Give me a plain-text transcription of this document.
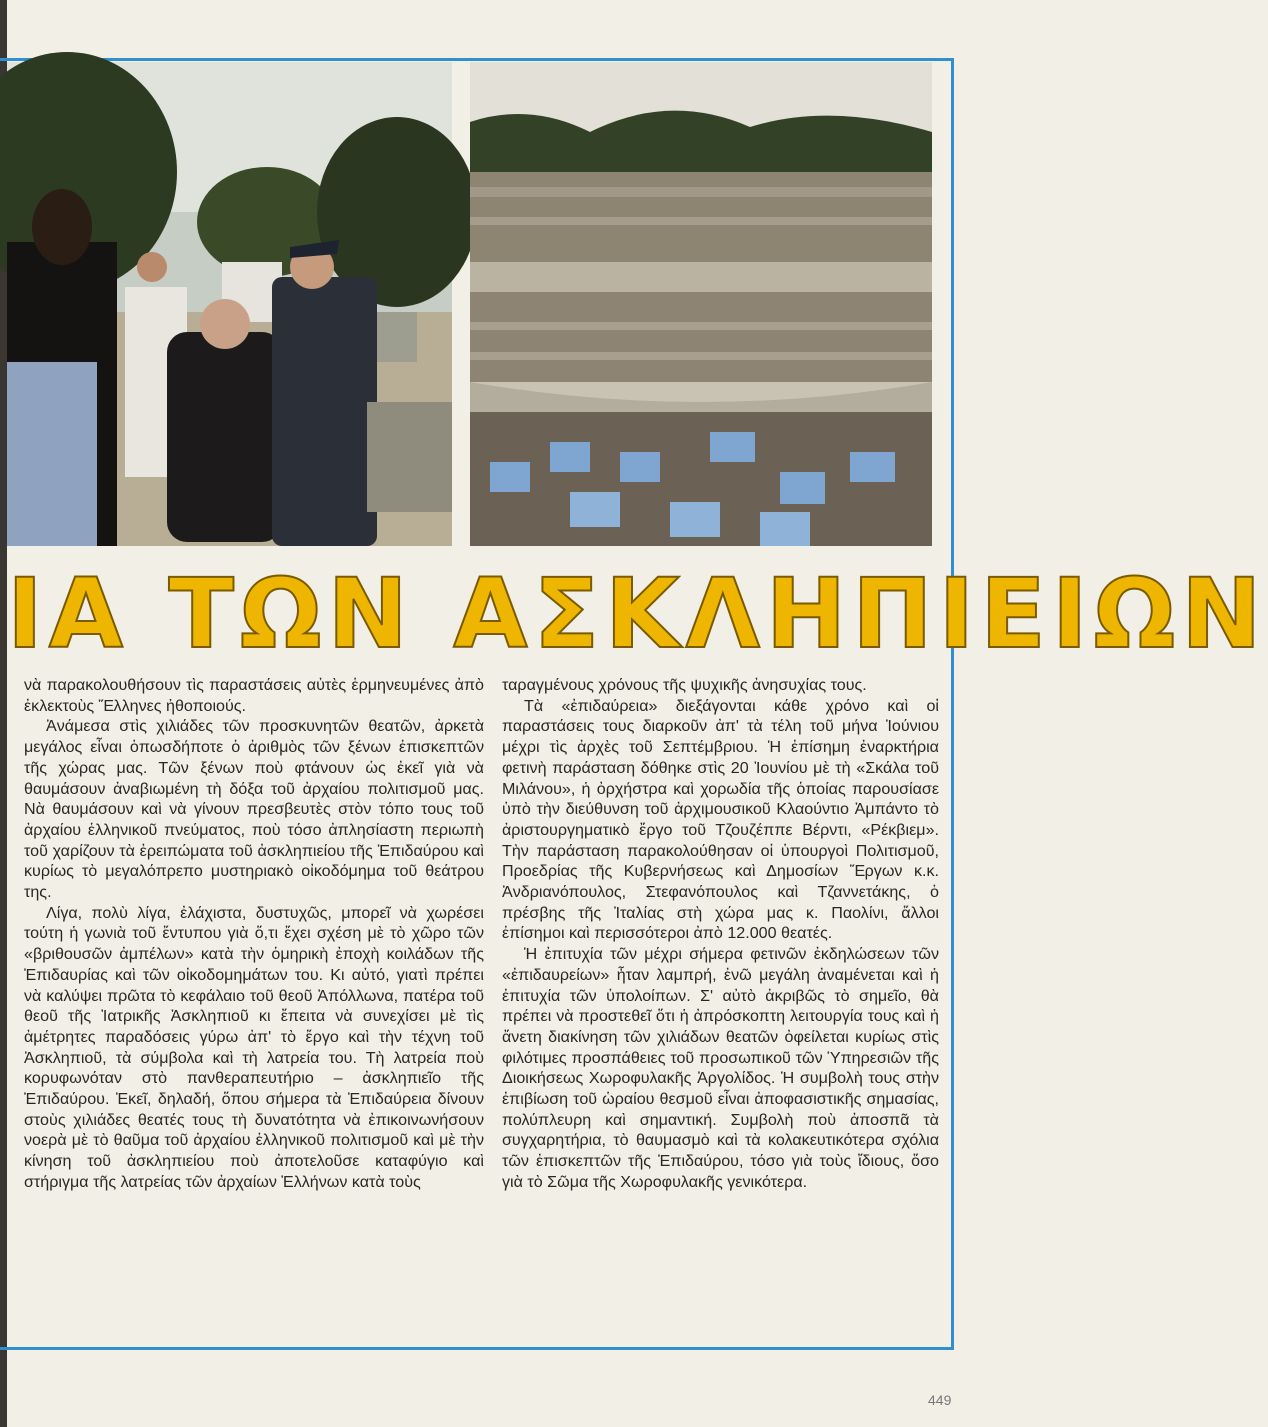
ΙΑ ΤΩΝ ΑΣΚΛΗΠΙΕΙΩΝ

νὰ παρακολουθήσουν τὶς παραστάσεις αὐτὲς ἑρμηνευμένες ἀπὸ ἐκλεκτοὺς Ἕλληνες ἠθοποιούς.

Ἀνάμεσα στὶς χιλιάδες τῶν προσκυνητῶν θεατῶν, ἀρκετὰ μεγάλος εἶναι ὁπωσδήποτε ὁ ἀριθμὸς τῶν ξένων ἐπισκεπτῶν τῆς χώρας μας. Τῶν ξένων ποὺ φτάνουν ὡς ἐκεῖ γιὰ νὰ θαυμάσουν ἀναβιωμένη τὴ δόξα τοῦ ἀρχαίου πολιτισμοῦ μας. Νὰ θαυμάσουν καὶ νὰ γίνουν πρεσβευτὲς στὸν τόπο τους τοῦ ἀρχαίου ἑλληνικοῦ πνεύματος, ποὺ τόσο ἀπλησίαστη περιωπὴ τοῦ χαρίζουν τὰ ἐρειπώματα τοῦ ἀσκληπιείου τῆς Ἐπιδαύρου καὶ κυρίως τὸ μεγαλόπρεπο μυστηριακὸ οἰκοδόμημα τοῦ θεάτρου της.

Λίγα, πολὺ λίγα, ἐλάχιστα, δυστυχῶς, μπορεῖ νὰ χωρέσει τούτη ἡ γωνιὰ τοῦ ἔντυπου γιὰ ὅ,τι ἔχει σχέση μὲ τὸ χῶρο τῶν «βριθουσῶν ἀμπέλων» κατὰ τὴν ὁμηρικὴ ἐποχὴ κοιλάδων τῆς Ἐπιδαυρίας καὶ τῶν οἰκοδομημάτων του. Κι αὐτό, γιατὶ πρέπει νὰ καλύψει πρῶτα τὸ κεφάλαιο τοῦ θεοῦ Ἀπόλλωνα, πατέρα τοῦ θεοῦ τῆς Ἰατρικῆς Ἀσκληπιοῦ κι ἔπειτα νὰ συνεχίσει μὲ τὶς ἀμέτρητες παραδόσεις γύρω ἀπ' τὸ ἔργο καὶ τὴν τέχνη τοῦ Ἀσκληπιοῦ, τὰ σύμβολα καὶ τὴ λατρεία του. Τὴ λατρεία ποὺ κορυφωνόταν στὸ πανθεραπευτήριο – ἀσκληπιεῖο τῆς Ἐπιδαύρου. Ἐκεῖ, δηλαδή, ὅπου σήμερα τὰ Ἐπιδαύρεια δίνουν στοὺς χιλιάδες θεατές τους τὴ δυνατότητα νὰ ἐπικοινωνήσουν νοερὰ μὲ τὸ θαῦμα τοῦ ἀρχαίου ἑλληνικοῦ πολιτισμοῦ καὶ μὲ τὴν κίνηση τοῦ ἀσκληπιείου ποὺ ἀποτελοῦσε καταφύγιο καὶ στήριγμα τῆς λατρείας τῶν ἀρχαίων Ἑλλήνων κατὰ τοὺς

ταραγμένους χρόνους τῆς ψυχικῆς ἀνησυχίας τους.

Τὰ «ἐπιδαύρεια» διεξάγονται κάθε χρόνο καὶ οἱ παραστάσεις τους διαρκοῦν ἀπ' τὰ τέλη τοῦ μήνα Ἰούνιου μέχρι τὶς ἀρχὲς τοῦ Σεπτέμβριου. Ἡ ἐπίσημη ἐναρκτήρια φετινὴ παράσταση δόθηκε στὶς 20 Ἰουνίου μὲ τὴ «Σκάλα τοῦ Μιλάνου», ἡ ὀρχήστρα καὶ χορωδία τῆς ὁποίας παρουσίασε ὑπὸ τὴν διεύθυνση τοῦ ἀρχιμουσικοῦ Κλαούντιο Ἀμπάντο τὸ ἀριστουργηματικὸ ἔργο τοῦ Τζουζέππε Βέρντι, «Ρέκβιεμ». Τὴν παράσταση παρακολούθησαν οἱ ὑπουργοὶ Πολιτισμοῦ, Προεδρίας τῆς Κυβερνήσεως καὶ Δημοσίων Ἔργων κ.κ. Ἀνδριανόπουλος, Στεφανόπουλος καὶ Τζαννετάκης, ὁ πρέσβης τῆς Ἰταλίας στὴ χώρα μας κ. Παολίνι, ἄλλοι ἐπίσημοι καὶ περισσότεροι ἀπὸ 12.000 θεατές.

Ἡ ἐπιτυχία τῶν μέχρι σήμερα φετινῶν ἐκδηλώσεων τῶν «ἐπιδαυρείων» ἦταν λαμπρή, ἐνῶ μεγάλη ἀναμένεται καὶ ἡ ἐπιτυχία τῶν ὑπολοίπων. Σ' αὐτὸ ἀκριβῶς τὸ σημεῖο, θὰ πρέπει νὰ προστεθεῖ ὅτι ἡ ἀπρόσκοπτη λειτουργία τους καὶ ἡ ἄνετη διακίνηση τῶν χιλιάδων θεατῶν ὀφείλεται κυρίως στὶς φιλότιμες προσπάθειες τοῦ προσωπικοῦ τῶν Ὑπηρεσιῶν τῆς Διοικήσεως Χωροφυλακῆς Ἀργολίδος. Ἡ συμβολὴ τους στὴν ἐπιβίωση τοῦ ὡραίου θεσμοῦ εἶναι ἀποφασιστικῆς σημασίας, πολύπλευρη καὶ σημαντική. Συμβολὴ ποὺ ἀποσπᾶ τὰ συγχαρητήρια, τὸ θαυμασμὸ καὶ τὰ κολακευτικότερα σχόλια τῶν ἐπισκεπτῶν τῆς Ἐπιδαύρου, τόσο γιὰ τοὺς ἴδιους, ὅσο γιὰ τὸ Σῶμα τῆς Χωροφυλακῆς γενικότερα.

449
